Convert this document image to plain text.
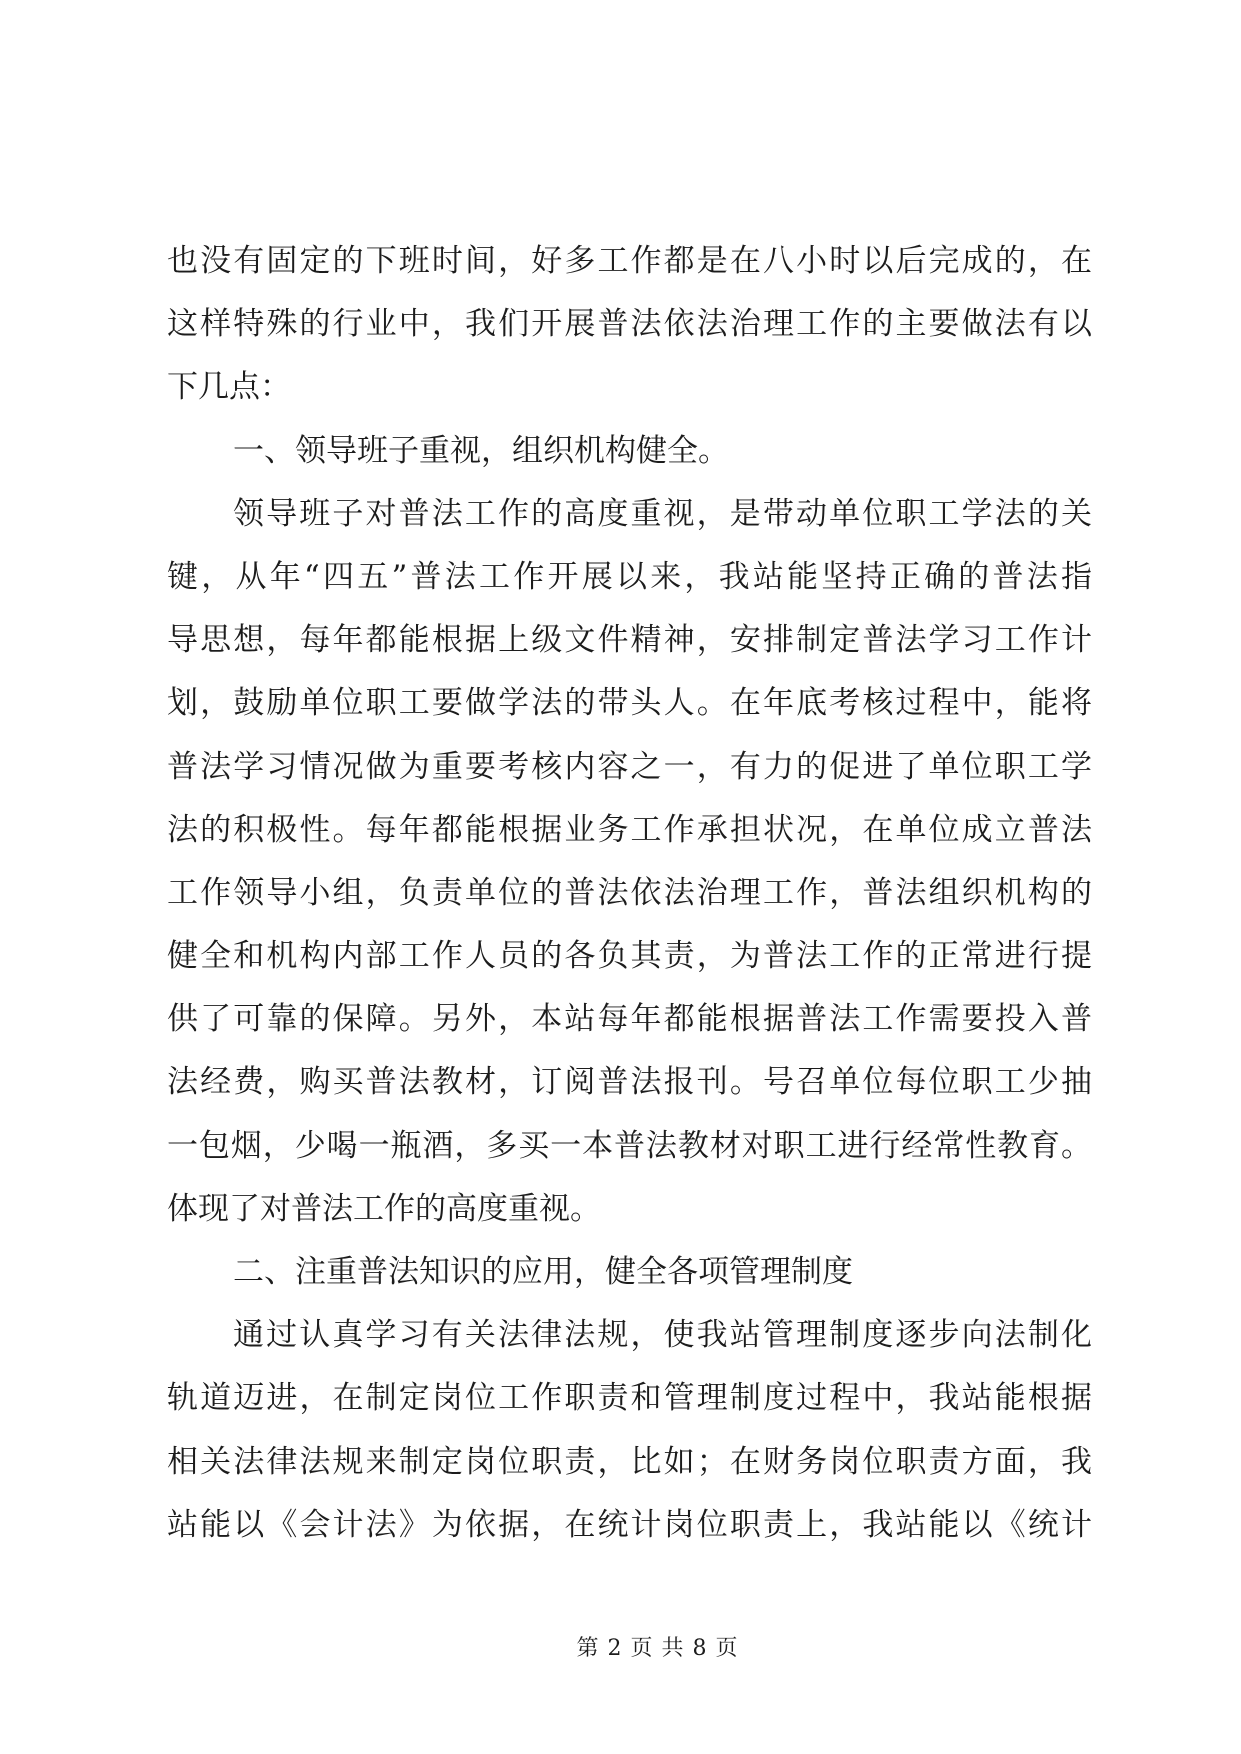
也没有固定的下班时间，好多工作都是在八小时以后完成的，在
这样特殊的行业中，我们开展普法依法治理工作的主要做法有以
下几点：
一、领导班子重视，组织机构健全。
领导班子对普法工作的高度重视，是带动单位职工学法的关
键，从年“四五”普法工作开展以来，我站能坚持正确的普法指
导思想，每年都能根据上级文件精神，安排制定普法学习工作计
划，鼓励单位职工要做学法的带头人。在年底考核过程中，能将
普法学习情况做为重要考核内容之一，有力的促进了单位职工学
法的积极性。每年都能根据业务工作承担状况，在单位成立普法
工作领导小组，负责单位的普法依法治理工作，普法组织机构的
健全和机构内部工作人员的各负其责，为普法工作的正常进行提
供了可靠的保障。另外，本站每年都能根据普法工作需要投入普
法经费，购买普法教材，订阅普法报刊。号召单位每位职工少抽
一包烟，少喝一瓶酒，多买一本普法教材对职工进行经常性教育。
体现了对普法工作的高度重视。
二、注重普法知识的应用，健全各项管理制度
通过认真学习有关法律法规，使我站管理制度逐步向法制化
轨道迈进，在制定岗位工作职责和管理制度过程中，我站能根据
相关法律法规来制定岗位职责，比如；在财务岗位职责方面，我
站能以《会计法》为依据，在统计岗位职责上，我站能以《统计
第 2 页 共 8 页
